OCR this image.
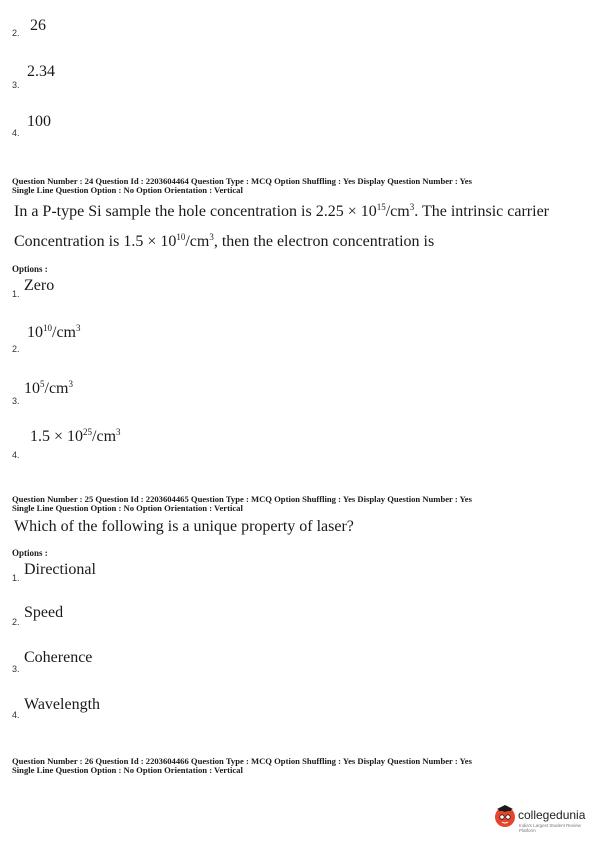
2. 26
3.
2.34
4.
100
Question Number : 24 Question Id : 2203604464 Question Type : MCQ Option Shuffling : Yes Display Question Number : Yes
Single Line Question Option : No Option Orientation : Vertical
In a P-type Si sample the hole concentration is $2.25 \times 10^{15}/cm^3$. The intrinsic carrier
Concentration is $1.5 \times 10^{10}/cm^3$, then the electron concentration is
Options :
1. Zero
2.
$10^{10}/cm^3$
3.
$10^5/cm^3$
4.
$1.5 \times 10^{25}/cm^3$
Question Number : 25 Question Id : 2203604465 Question Type : MCQ Option Shuffling : Yes Display Question Number : Yes
Single Line Question Option : No Option Orientation : Vertical
Which of the following is a unique property of laser?
Options :
1. Directional
2.
Speed
3.
Coherence
4.
Wavelength
Question Number : 26 Question Id : 2203604466 Question Type : MCQ Option Shuffling : Yes Display Question Number : Yes
Single Line Question Option : No Option Orientation : Vertical
collegedunia
India's Largest Student Review Platform
